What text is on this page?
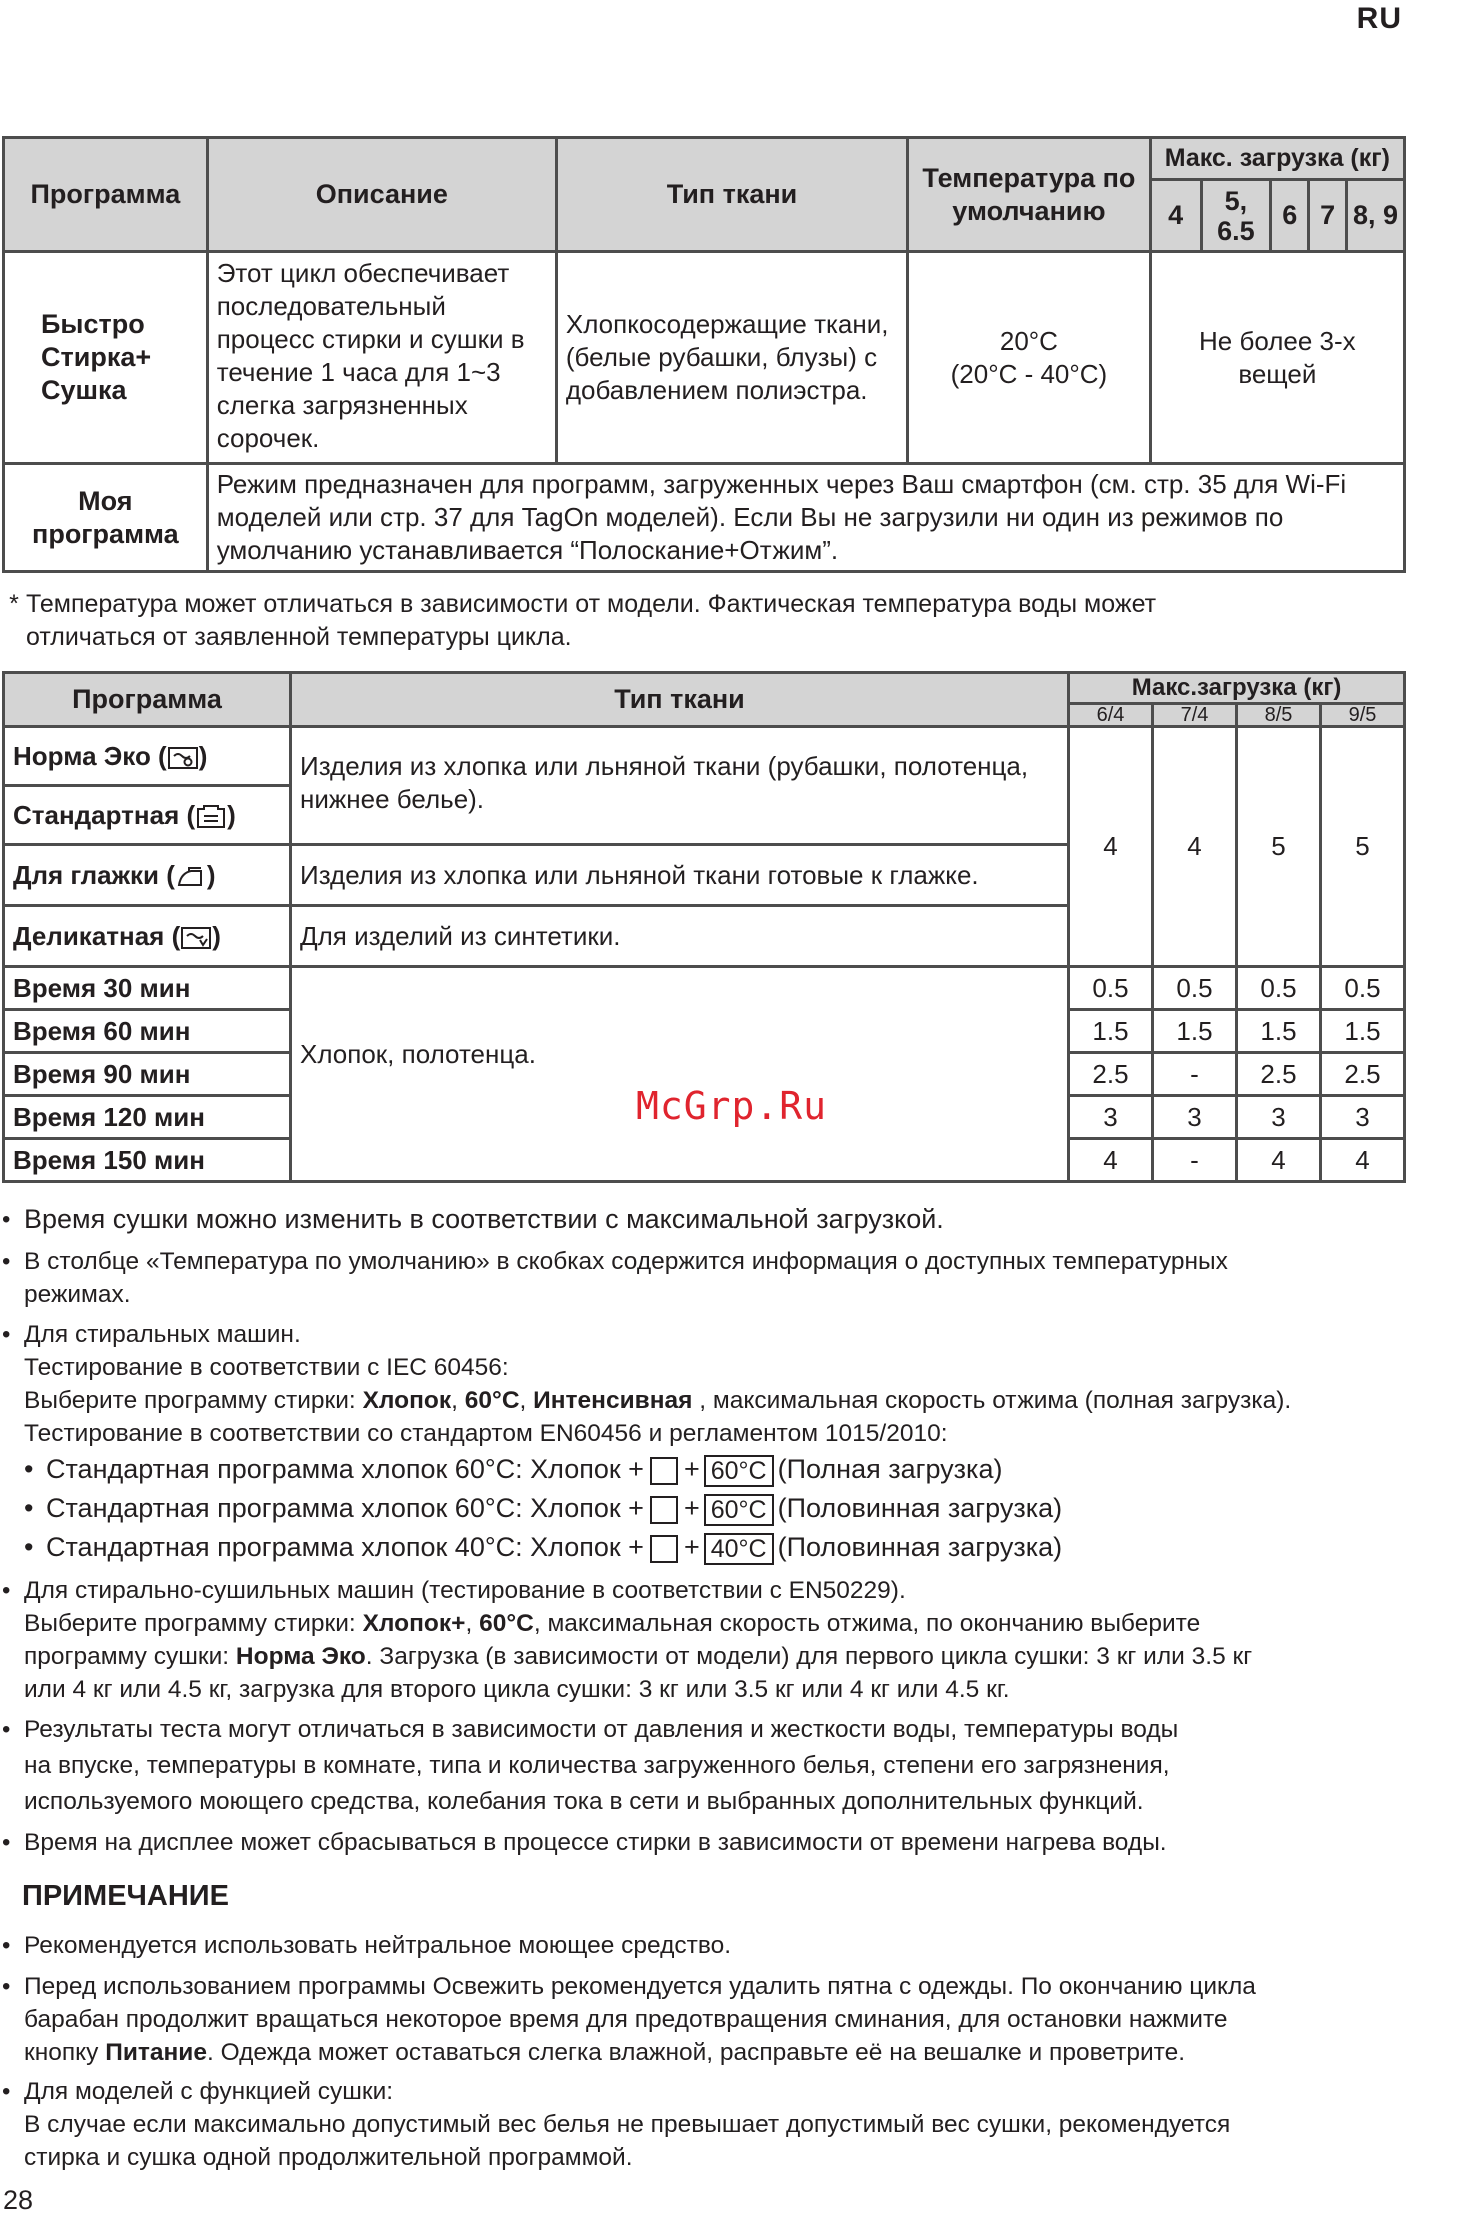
RU
Программа	Описание	Тип ткани	Температура по умолчанию	Макс. загрузка (кг)				
				4	5, 6.5	6	7	8, 9
Быстро Стирка+ Сушка	Этот цикл обеспечивает последовательный процесс стирки и сушки в течение 1 часа для 1~3 слегка загрязненных сорочек.	Хлопкосодержащие ткани, (белые рубашки, блузы) с добавлением полиэстра.	20°C
(20°C - 40°C)	Не более 3-х вещей				
Моя программа	Режим предназначен для программ, загруженных через Ваш смартфон (см. стр. 35 для Wi-Fi моделей или стр. 37 для TagOn моделей). Если Вы не загрузили ни один из режимов по умолчанию устанавливается “Полоскание+Отжим”.							
* Температура может отличаться в зависимости от модели. Фактическая температура воды может
отличаться от заявленной температуры цикла.
Программа	Тип ткани	Макс.загрузка (кг)			
		6/4	7/4	8/5	9/5
Норма Эко ( )	Изделия из хлопка или льняной ткани (рубашки, полотенца, нижнее белье).	4	4	5	5
Стандартная ( )					
Для глажки ( )	Изделия из хлопка или льняной ткани готовые к глажке.				
Деликатная ( )	Для изделий из синтетики.				
Время 30 мин	Хлопок, полотенца.	0.5	0.5	0.5	0.5
Время 60 мин		1.5	1.5	1.5	1.5
Время 90 мин		2.5	-	2.5	2.5
Время 120 мин		3	3	3	3
Время 150 мин		4	-	4	4
McGrp.Ru
• Время сушки можно изменить в соответствии с максимальной загрузкой.
• В столбце «Температура по умолчанию» в скобках содержится информация о доступных температурных
режимах.
• Для стиральных машин.
Тестирование в соответствии с IEC 60456:
Выберите программу стирки: Хлопок, 60°C, Интенсивная , максимальная скорость отжима (полная загрузка).
Тестирование в соответствии со стандартом EN60456 и регламентом 1015/2010:
• Стандартная программа хлопок 60°C: Хлопок + + 60°C (Полная загрузка)
• Стандартная программа хлопок 60°C: Хлопок + + 60°C (Половинная загрузка)
• Стандартная программа хлопок 40°C: Хлопок + + 40°C (Половинная загрузка)
• Для стирально-сушильных машин (тестирование в соответствии с EN50229).
Выберите программу стирки: Хлопок+, 60°C, максимальная скорость отжима, по окончанию выберите
программу сушки: Норма Эко. Загрузка (в зависимости от модели) для первого цикла сушки: 3 кг или 3.5 кг
или 4 кг или 4.5 кг, загрузка для второго цикла сушки: 3 кг или 3.5 кг или 4 кг или 4.5 кг.
• Результаты теста могут отличаться в зависимости от давления и жесткости воды, температуры воды
на впуске, температуры в комнате, типа и количества загруженного белья, степени его загрязнения,
используемого моющего средства, колебания тока в сети и выбранных дополнительных функций.
• Время на дисплее может сбрасываться в процессе стирки в зависимости от времени нагрева воды.
ПРИМЕЧАНИЕ
• Рекомендуется использовать нейтральное моющее средство.
• Перед использованием программы Освежить рекомендуется удалить пятна с одежды. По окончанию цикла
барабан продолжит вращаться некоторое время для предотвращения сминания, для остановки нажмите
кнопку Питание. Одежда может оставаться слегка влажной, расправьте её на вешалке и проветрите.
• Для моделей с функцией сушки:
В случае если максимально допустимый вес белья не превышает допустимый вес сушки, рекомендуется
стирка и сушка одной продолжительной программой.
28
